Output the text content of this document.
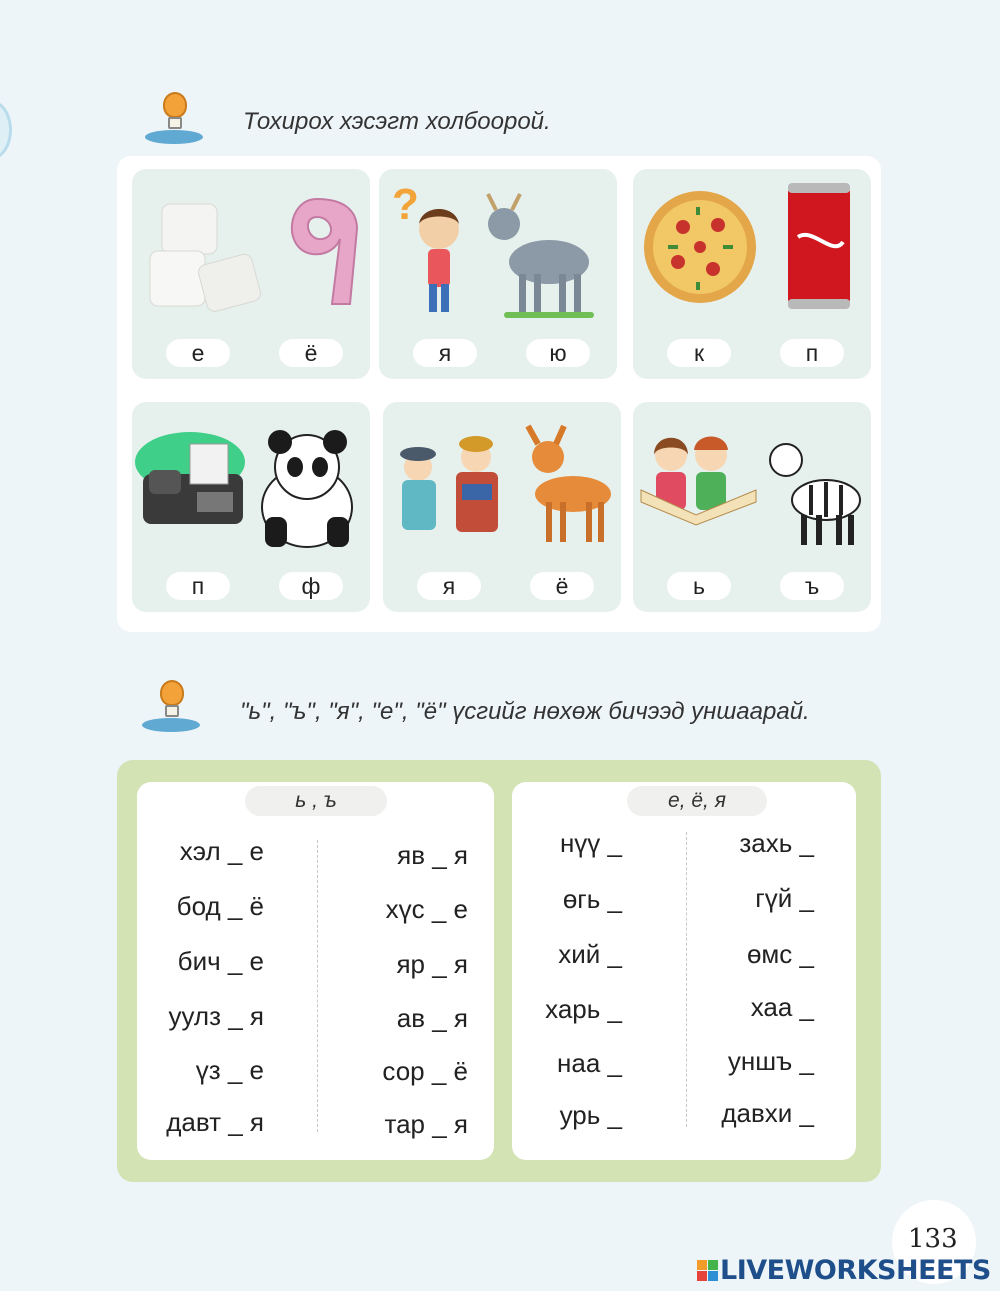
Тохирох хэсэгт холбоорой.
е	ё
?
я	ю	к	п
п	ф	я	ё	ь	ъ
"ь", "ъ", "я", "е", "ё" үсгийг нөхөж бичээд уншаарай.
ь , ъ
хэл _ е
бод _ ё
бич _ е
уулз _ я
үз _ е
давт _ я
яв _ я
хүс _ е
яр _ я
ав _ я
сор _ ё
тар _ я
е, ё, я
нүү _
өгь _
хий _
харь _
наа _
урь _
захь _
гүй _
өмс _
хаа _
уншъ _
давхи _
133
LIVEWORKSHEETS
